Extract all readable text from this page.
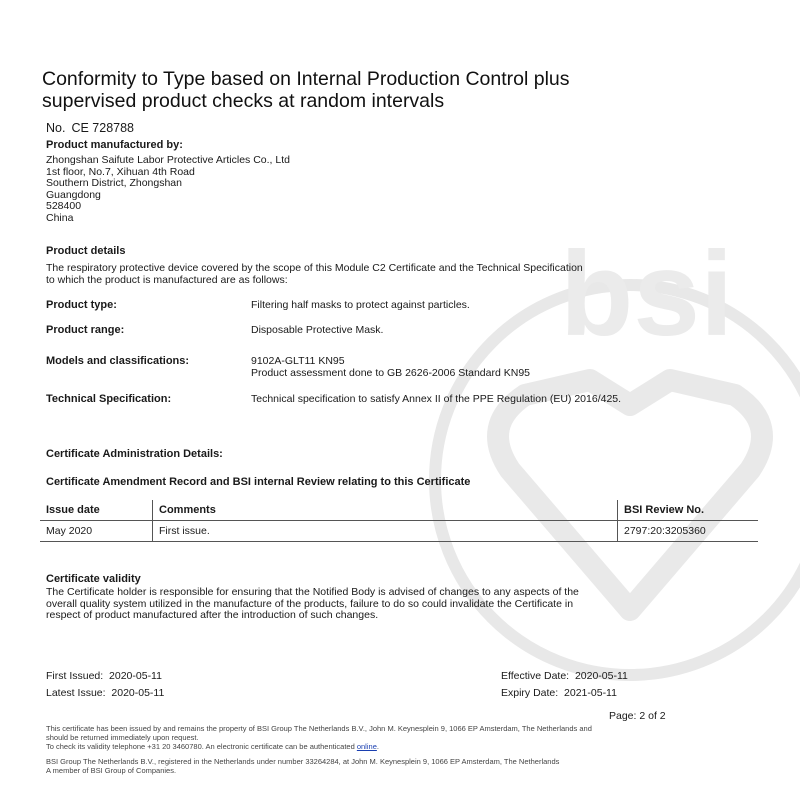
bsi
Conformity to Type based on Internal Production Control plus
supervised product checks at random intervals
No. CE 728788
Product manufactured by:
Zhongshan Saifute Labor Protective Articles Co., Ltd
1st floor, No.7, Xihuan 4th Road
Southern District, Zhongshan
Guangdong
528400
China
Product details
The respiratory protective device covered by the scope of this Module C2 Certificate and the Technical Specification
to which the product is manufactured are as follows:
Product type:	Filtering half masks to protect against particles.
Product range:	Disposable Protective Mask.
Models and classifications:	9102A-GLT11 KN95
Product assessment done to GB 2626-2006 Standard KN95
Technical Specification:	Technical specification to satisfy Annex II of the PPE Regulation (EU) 2016/425.
Certificate Administration Details:
Certificate Amendment Record and BSI internal Review relating to this Certificate
Issue date	Comments	BSI Review No.
May 2020	First issue.	2797:20:3205360
Certificate validity
The Certificate holder is responsible for ensuring that the Notified Body is advised of changes to any aspects of the
overall quality system utilized in the manufacture of the products, failure to do so could invalidate the Certificate in
respect of product manufactured after the introduction of such changes.
First Issued: 2020-05-11
Latest Issue: 2020-05-11
Effective Date: 2020-05-11
Expiry Date: 2021-05-11
Page: 2 of 2
This certificate has been issued by and remains the property of BSI Group The Netherlands B.V., John M. Keynesplein 9, 1066 EP Amsterdam, The Netherlands and
should be returned immediately upon request.
To check its validity telephone +31 20 3460780. An electronic certificate can be authenticated online.
BSI Group The Netherlands B.V., registered in the Netherlands under number 33264284, at John M. Keynesplein 9, 1066 EP Amsterdam, The Netherlands
A member of BSI Group of Companies.
